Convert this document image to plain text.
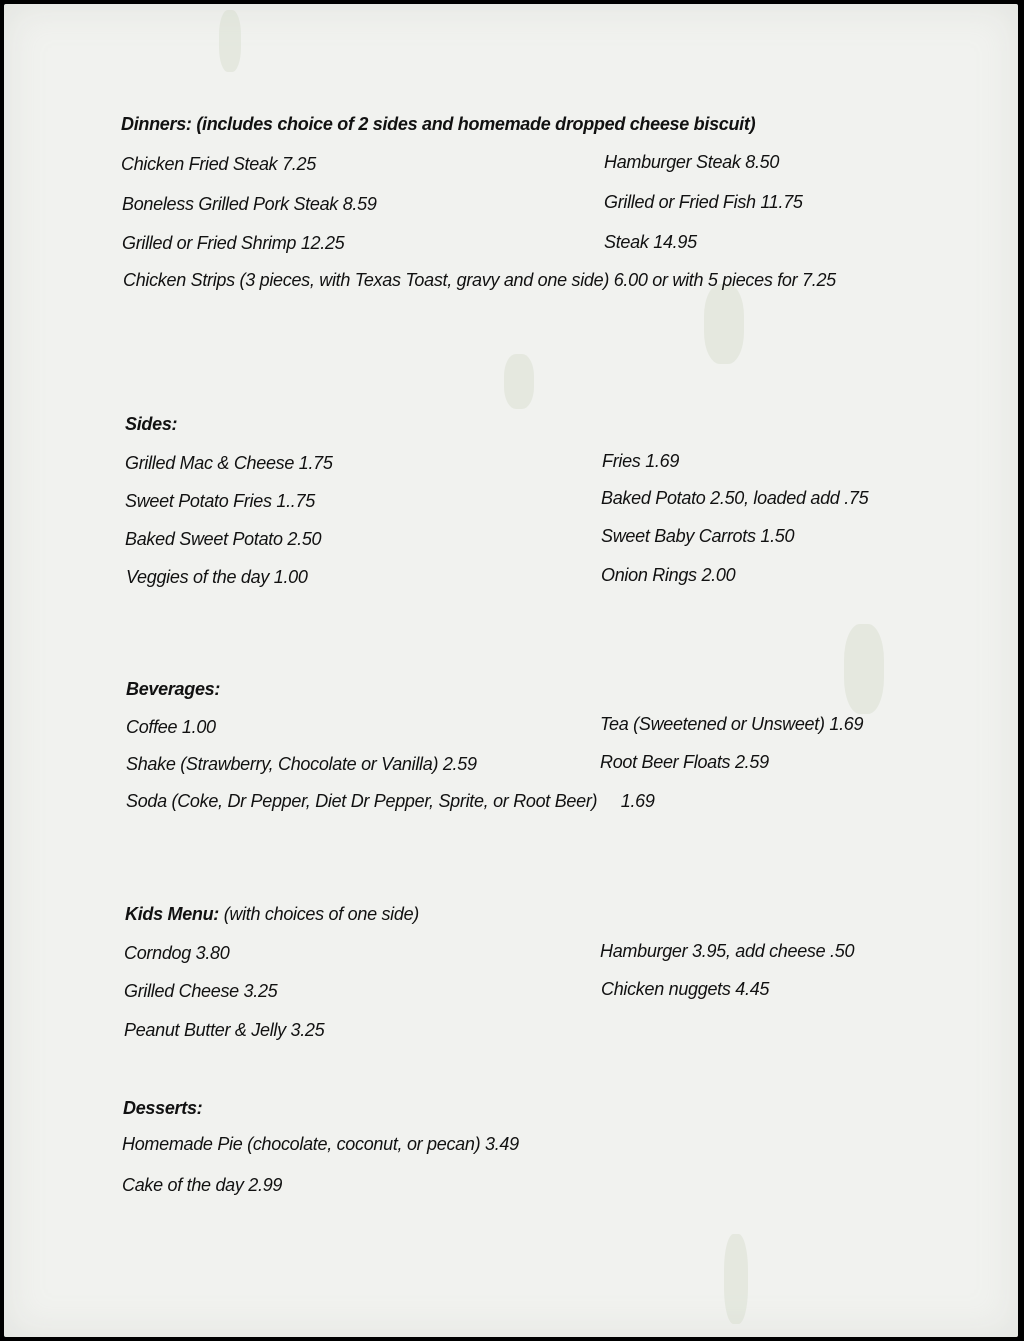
Dinners: (includes choice of 2 sides and homemade dropped cheese biscuit)
Chicken Fried Steak 7.25	Hamburger Steak 8.50
Boneless Grilled Pork Steak 8.59	Grilled or Fried Fish 11.75
Grilled or Fried Shrimp 12.25	Steak 14.95
Chicken Strips (3 pieces, with Texas Toast, gravy and one side) 6.00 or with 5 pieces for 7.25
Sides:
Grilled Mac & Cheese 1.75	Fries 1.69
Sweet Potato Fries 1..75	Baked Potato 2.50, loaded add .75
Baked Sweet Potato 2.50	Sweet Baby Carrots 1.50
Veggies of the day 1.00	Onion Rings 2.00
Beverages:
Coffee 1.00	Tea (Sweetened or Unsweet) 1.69
Shake (Strawberry, Chocolate or Vanilla) 2.59	Root Beer Floats 2.59
Soda (Coke, Dr Pepper, Diet Dr Pepper, Sprite, or Root Beer)     1.69
Kids Menu: (with choices of one side)
Corndog 3.80	Hamburger 3.95, add cheese .50
Grilled Cheese 3.25	Chicken nuggets 4.45
Peanut Butter & Jelly 3.25
Desserts:
Homemade Pie (chocolate, coconut, or pecan) 3.49
Cake of the day 2.99
